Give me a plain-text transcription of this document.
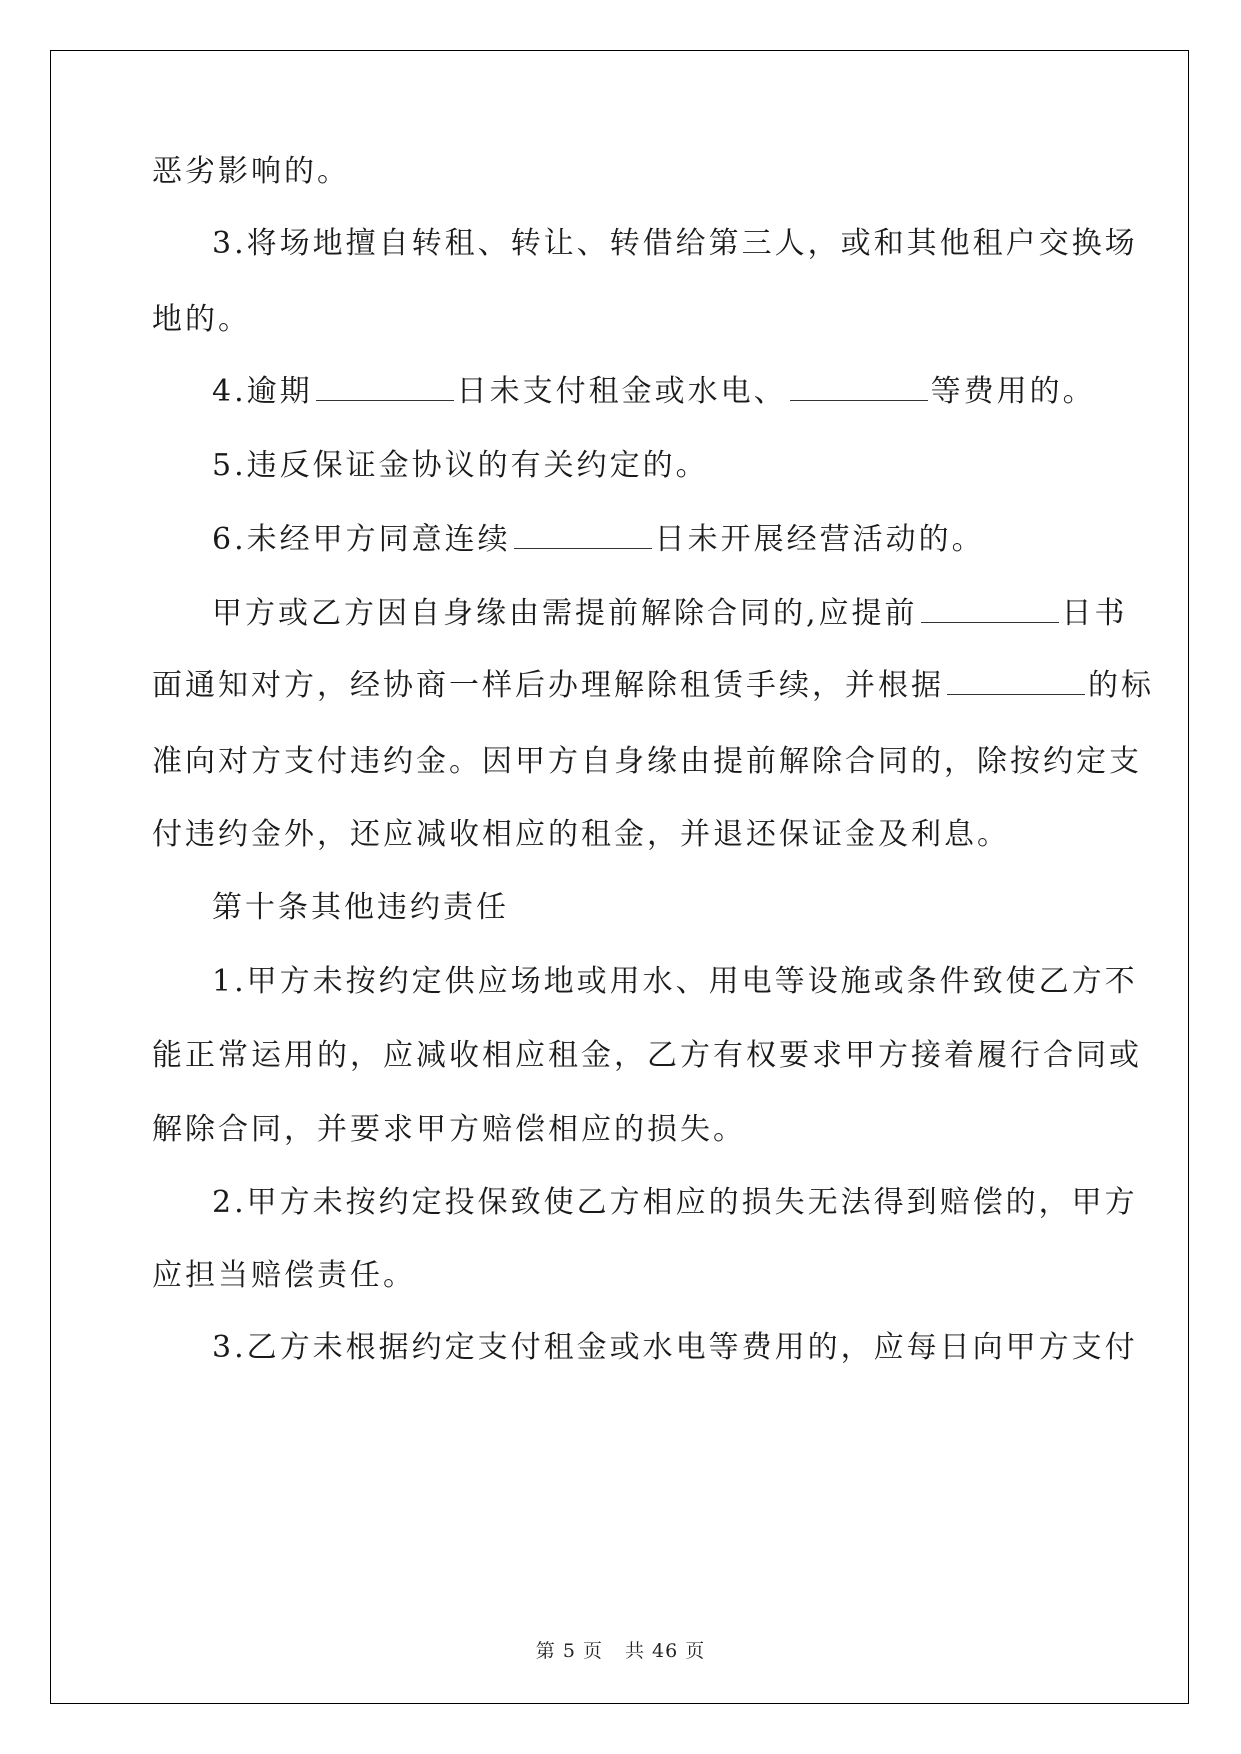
恶劣影响的。
3.将场地擅自转租、转让、转借给第三人，或和其他租户交换场
地的。
4.逾期	日未支付租金或水电、	等费用的。
5.违反保证金协议的有关约定的。
6.未经甲方同意连续	日未开展经营活动的。
甲方或乙方因自身缘由需提前解除合同的,应提前	日书
面通知对方，经协商一样后办理解除租赁手续，并根据	的标
准向对方支付违约金。因甲方自身缘由提前解除合同的，除按约定支
付违约金外，还应减收相应的租金，并退还保证金及利息。
第十条其他违约责任
1.甲方未按约定供应场地或用水、用电等设施或条件致使乙方不
能正常运用的，应减收相应租金，乙方有权要求甲方接着履行合同或
解除合同，并要求甲方赔偿相应的损失。
2.甲方未按约定投保致使乙方相应的损失无法得到赔偿的，甲方
应担当赔偿责任。
3.乙方未根据约定支付租金或水电等费用的，应每日向甲方支付
第 5 页 共 46 页
